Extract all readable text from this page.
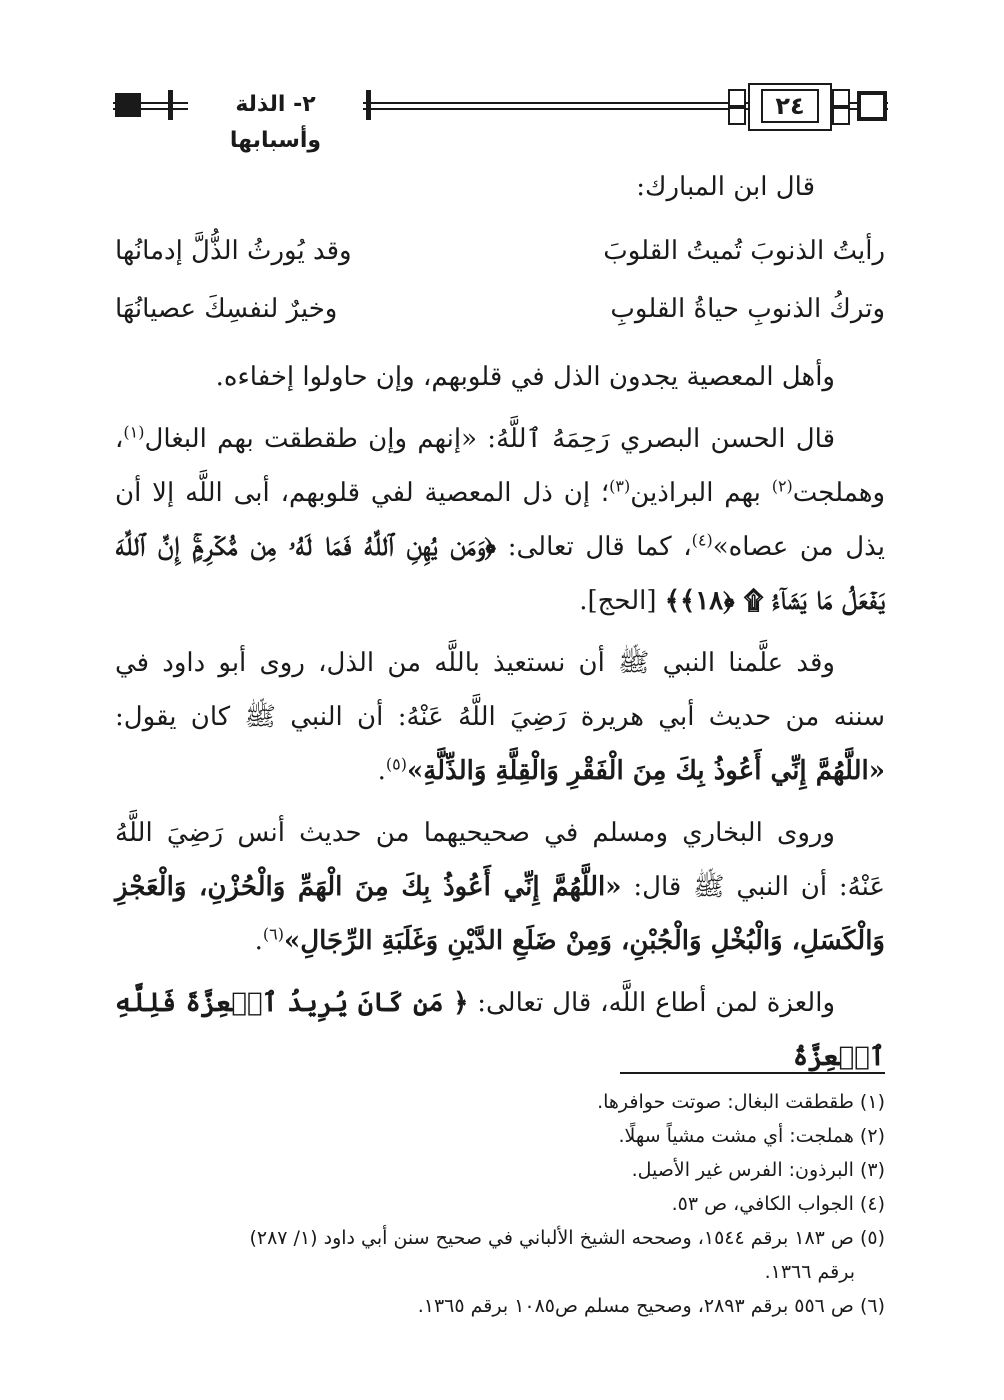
٢- الذلة وأسبابها
٢٤

قال ابن المبارك:

رأيتُ الذنوبَ تُميتُ القلوبَ
وقد يُورثُ الذُّلَّ إدمانُها
وتركُ الذنوبِ حياةُ القلوبِ
وخيرٌ لنفسِكَ عصيانُهَا

وأهل المعصية يجدون الذل في قلوبهم، وإن حاولوا إخفاءه.

قال الحسن البصري رَحِمَهُ ٱللَّهُ: «إنهم وإن طقطقت بهم البغال$^{(١)}$، وهملجت$^{(٢)}$ بهم البراذين$^{(٣)}$؛ إن ذل المعصية لفي قلوبهم، أبى اللَّه إلا أن يذل من عصاه»$^{(٤)}$، كما قال تعالى: ﴿وَمَن يُهِنِ ٱللَّهُ فَمَا لَهُۥ مِن مُّكۡرِمٍۚ إِنَّ ٱللَّهَ يَفۡعَلُ مَا يَشَآءُ ۩ ﴿١٨﴾﴾ [الحج].

وقد علَّمنا النبي ﷺ أن نستعيذ باللَّه من الذل، روى أبو داود في سننه من حديث أبي هريرة رَضِيَ اللَّهُ عَنْهُ: أن النبي ﷺ كان يقول: «اللَّهُمَّ إِنِّي أَعُوذُ بِكَ مِنَ الْفَقْرِ وَالْقِلَّةِ وَالذِّلَّةِ»$^{(٥)}$.

وروى البخاري ومسلم في صحيحيهما من حديث أنس رَضِيَ اللَّهُ عَنْهُ: أن النبي ﷺ قال: «اللَّهُمَّ إِنِّي أَعُوذُ بِكَ مِنَ الْهَمِّ وَالْحُزْنِ، وَالْعَجْزِ وَالْكَسَلِ، وَالْبُخْلِ وَالْجُبْنِ، وَمِنْ ضَلَعِ الدَّيْنِ وَغَلَبَةِ الرِّجَالِ»$^{(٦)}$.

والعزة لمن أطاع اللَّه، قال تعالى: ﴿ مَن كَانَ يُرِيدُ ٱلۡعِزَّةَ فَلِلَّهِ ٱلۡعِزَّةُ

(١) طقطقت البغال: صوتت حوافرها.
(٢) هملجت: أي مشت مشياً سهلًا.
(٣) البرذون: الفرس غير الأصيل.
(٤) الجواب الكافي، ص ٥٣.
(٥) ص ١٨٣ برقم ١٥٤٤، وصححه الشيخ الألباني في صحيح سنن أبي داود (١/ ٢٨٧)
برقم ١٣٦٦.
(٦) ص ٥٥٦ برقم ٢٨٩٣، وصحيح مسلم ص١٠٨٥ برقم ١٣٦٥.
